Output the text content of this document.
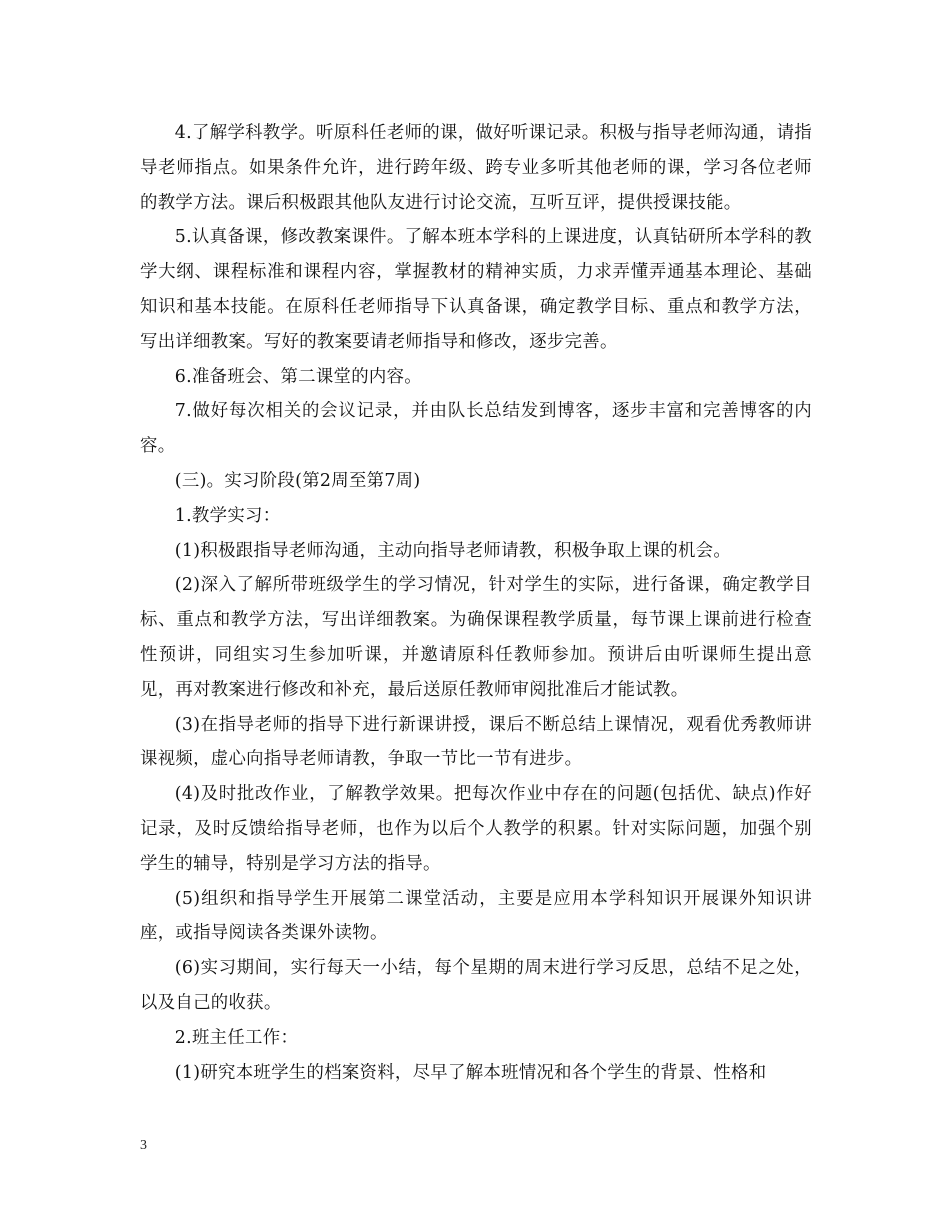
4.了解学科教学。听原科任老师的课，做好听课记录。积极与指导老师沟通，请指导老师指点。如果条件允许，进行跨年级、跨专业多听其他老师的课，学习各位老师的教学方法。课后积极跟其他队友进行讨论交流，互听互评，提供授课技能。

5.认真备课，修改教案课件。了解本班本学科的上课进度，认真钻研所本学科的教学大纲、课程标准和课程内容，掌握教材的精神实质，力求弄懂弄通基本理论、基础知识和基本技能。在原科任老师指导下认真备课，确定教学目标、重点和教学方法，写出详细教案。写好的教案要请老师指导和修改，逐步完善。

6.准备班会、第二课堂的内容。

7.做好每次相关的会议记录，并由队长总结发到博客，逐步丰富和完善博客的内容。

(三)。实习阶段(第2周至第7周)

1.教学实习：

(1)积极跟指导老师沟通，主动向指导老师请教，积极争取上课的机会。

(2)深入了解所带班级学生的学习情况，针对学生的实际，进行备课，确定教学目标、重点和教学方法，写出详细教案。为确保课程教学质量，每节课上课前进行检查性预讲，同组实习生参加听课，并邀请原科任教师参加。预讲后由听课师生提出意见，再对教案进行修改和补充，最后送原任教师审阅批准后才能试教。

(3)在指导老师的指导下进行新课讲授，课后不断总结上课情况，观看优秀教师讲课视频，虚心向指导老师请教，争取一节比一节有进步。

(4)及时批改作业，了解教学效果。把每次作业中存在的问题(包括优、缺点)作好记录，及时反馈给指导老师，也作为以后个人教学的积累。针对实际问题，加强个别学生的辅导，特别是学习方法的指导。

(5)组织和指导学生开展第二课堂活动，主要是应用本学科知识开展课外知识讲座，或指导阅读各类课外读物。

(6)实习期间，实行每天一小结，每个星期的周末进行学习反思，总结不足之处，以及自己的收获。

2.班主任工作：

(1)研究本班学生的档案资料，尽早了解本班情况和各个学生的背景、性格和

3
